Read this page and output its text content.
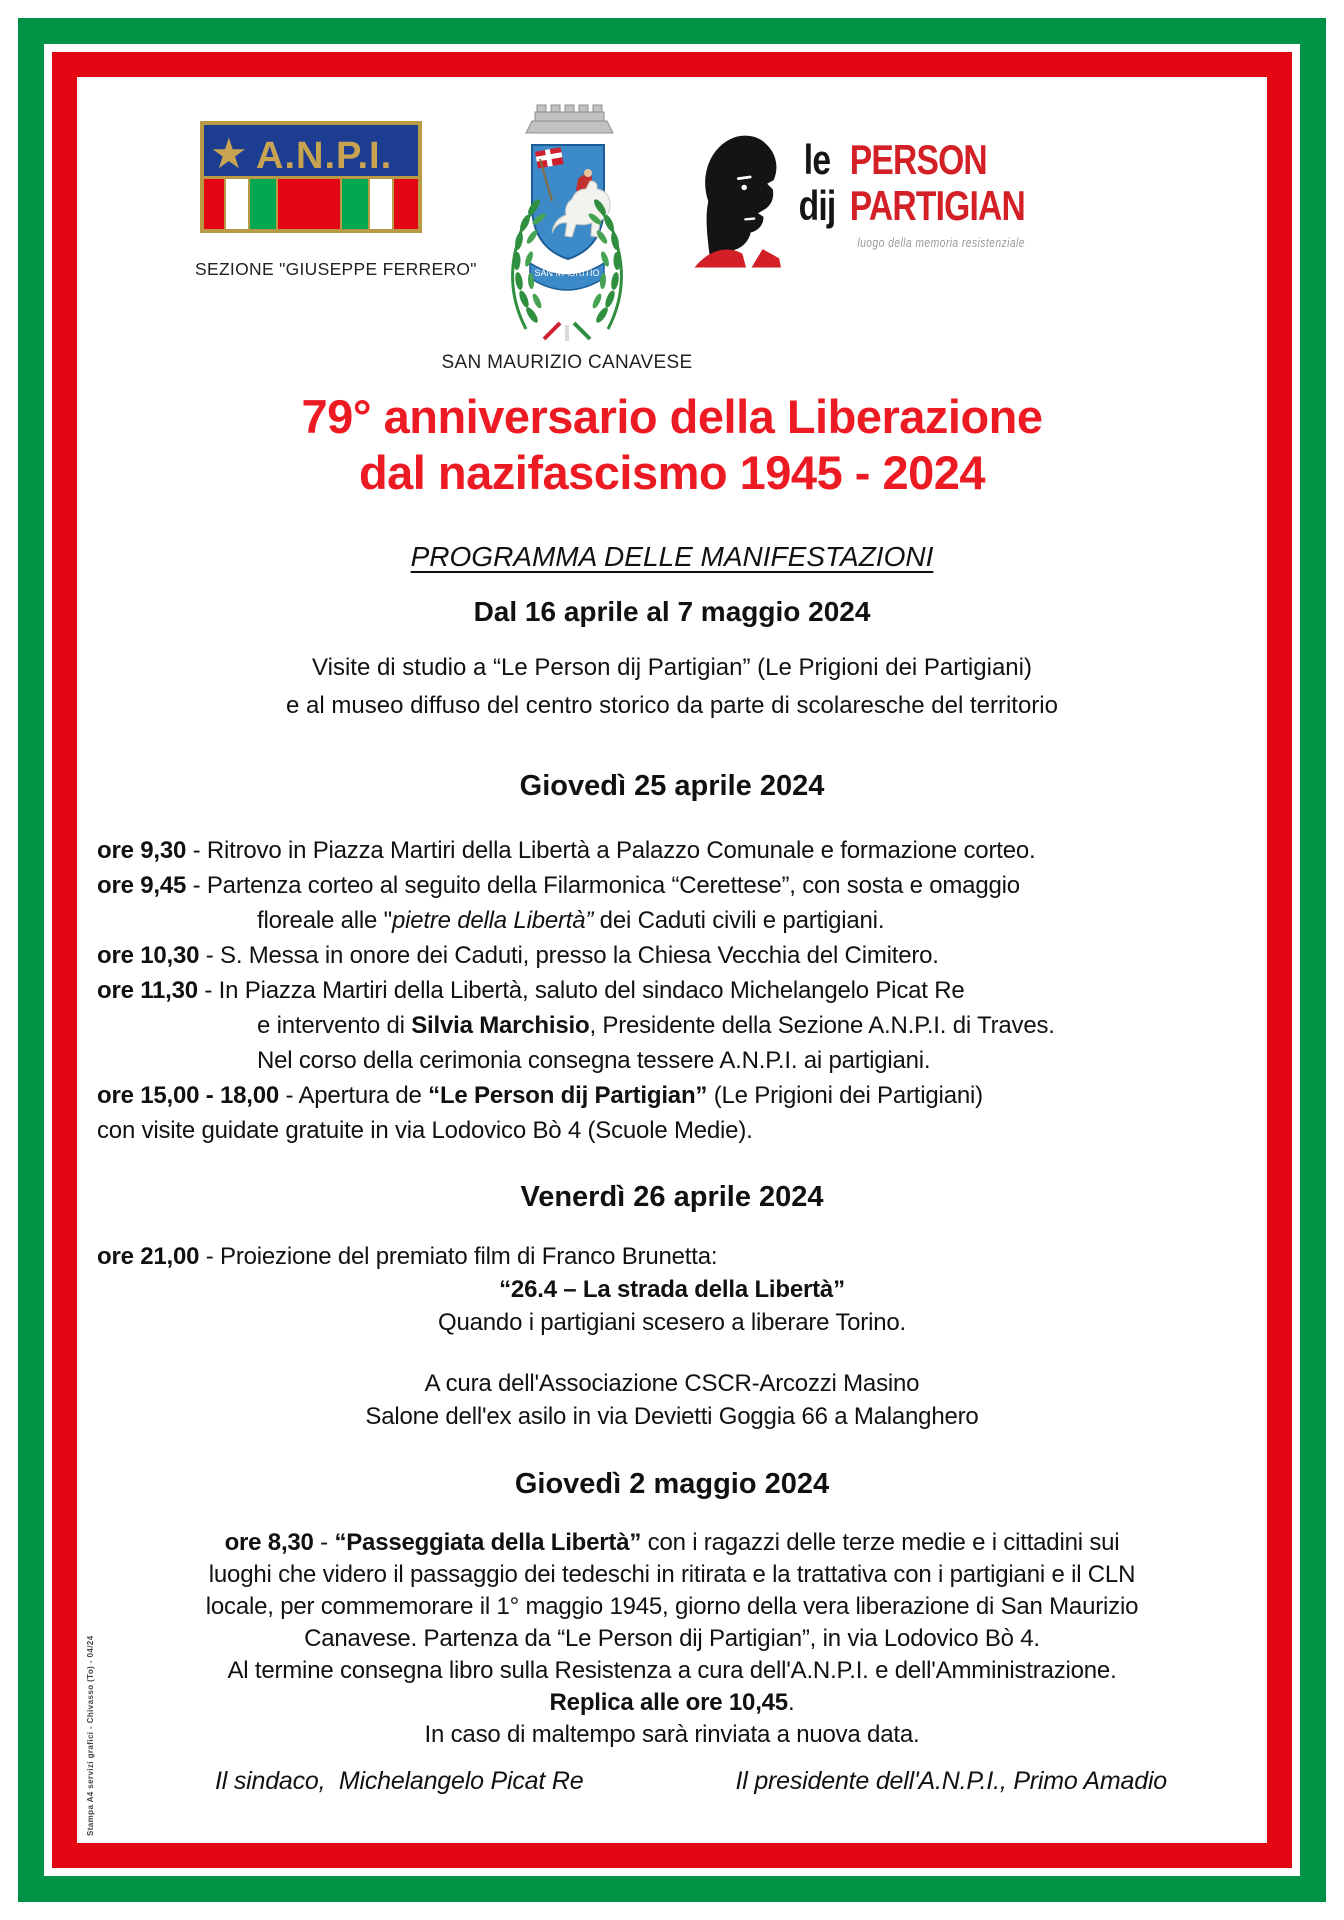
★ A.N.P.I.
SEZIONE "GIUSEPPE FERRERO"	SAN MAURITIO
SAN MAURIZIO CANAVESE
le PERSON
dij PARTIGIAN
luogo della memoria resistenziale
79° anniversario della Liberazione
dal nazifascismo 1945 - 2024
PROGRAMMA DELLE MANIFESTAZIONI
Dal 16 aprile al 7 maggio 2024
Visite di studio a “Le Person dij Partigian” (Le Prigioni dei Partigiani)
e al museo diffuso del centro storico da parte di scolaresche del territorio
Giovedì 25 aprile 2024
ore 9,30 - Ritrovo in Piazza Martiri della Libertà a Palazzo Comunale e formazione corteo.
ore 9,45 - Partenza corteo al seguito della Filarmonica “Cerettese”, con sosta e omaggio
floreale alle "pietre della Libertà” dei Caduti civili e partigiani.
ore 10,30 - S. Messa in onore dei Caduti, presso la Chiesa Vecchia del Cimitero.
ore 11,30 - In Piazza Martiri della Libertà, saluto del sindaco Michelangelo Picat Re
e intervento di Silvia Marchisio, Presidente della Sezione A.N.P.I. di Traves.
Nel corso della cerimonia consegna tessere A.N.P.I. ai partigiani.
ore 15,00 - 18,00 - Apertura de “Le Person dij Partigian” (Le Prigioni dei Partigiani)
con visite guidate gratuite in via Lodovico Bò 4 (Scuole Medie).
Venerdì 26 aprile 2024
ore 21,00 - Proiezione del premiato film di Franco Brunetta:
“26.4 – La strada della Libertà”
Quando i partigiani scesero a liberare Torino.
A cura dell'Associazione CSCR-Arcozzi Masino
Salone dell'ex asilo in via Devietti Goggia 66 a Malanghero
Giovedì 2 maggio 2024
ore 8,30 - “Passeggiata della Libertà” con i ragazzi delle terze medie e i cittadini sui
luoghi che videro il passaggio dei tedeschi in ritirata e la trattativa con i partigiani e il CLN
locale, per commemorare il 1° maggio 1945, giorno della vera liberazione di San Maurizio
Canavese. Partenza da “Le Person dij Partigian”, in via Lodovico Bò 4.
Al termine consegna libro sulla Resistenza a cura dell'A.N.P.I. e dell'Amministrazione.
Replica alle ore 10,45.
In caso di maltempo sarà rinviata a nuova data.
Il sindaco,  Michelangelo Picat Re	Il presidente dell'A.N.P.I., Primo Amadio
Stampa A4 servizi grafici - Chivasso (To) - 04/24
